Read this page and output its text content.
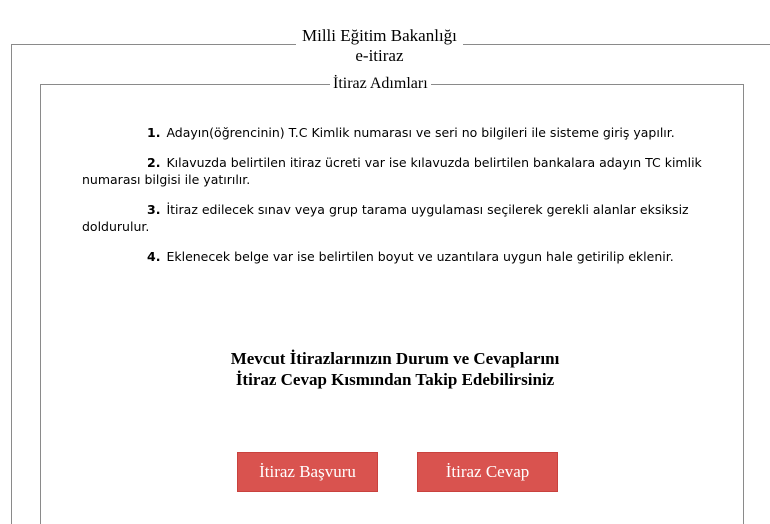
Milli Eğitim Bakanlığı
e-itiraz
İtiraz Adımları
1. Adayın(öğrencinin) T.C Kimlik numarası ve seri no bilgileri ile sisteme giriş yapılır.
2. Kılavuzda belirtilen itiraz ücreti var ise kılavuzda belirtilen bankalara adayın TC kimlik numarası bilgisi ile yatırılır.
3. İtiraz edilecek sınav veya grup tarama uygulaması seçilerek gerekli alanlar eksiksiz doldurulur.
4. Eklenecek belge var ise belirtilen boyut ve uzantılara uygun hale getirilip eklenir.
Mevcut İtirazlarınızın Durum ve Cevaplarını
İtiraz Cevap Kısmından Takip Edebilirsiniz
İtiraz Başvuru	İtiraz Cevap
